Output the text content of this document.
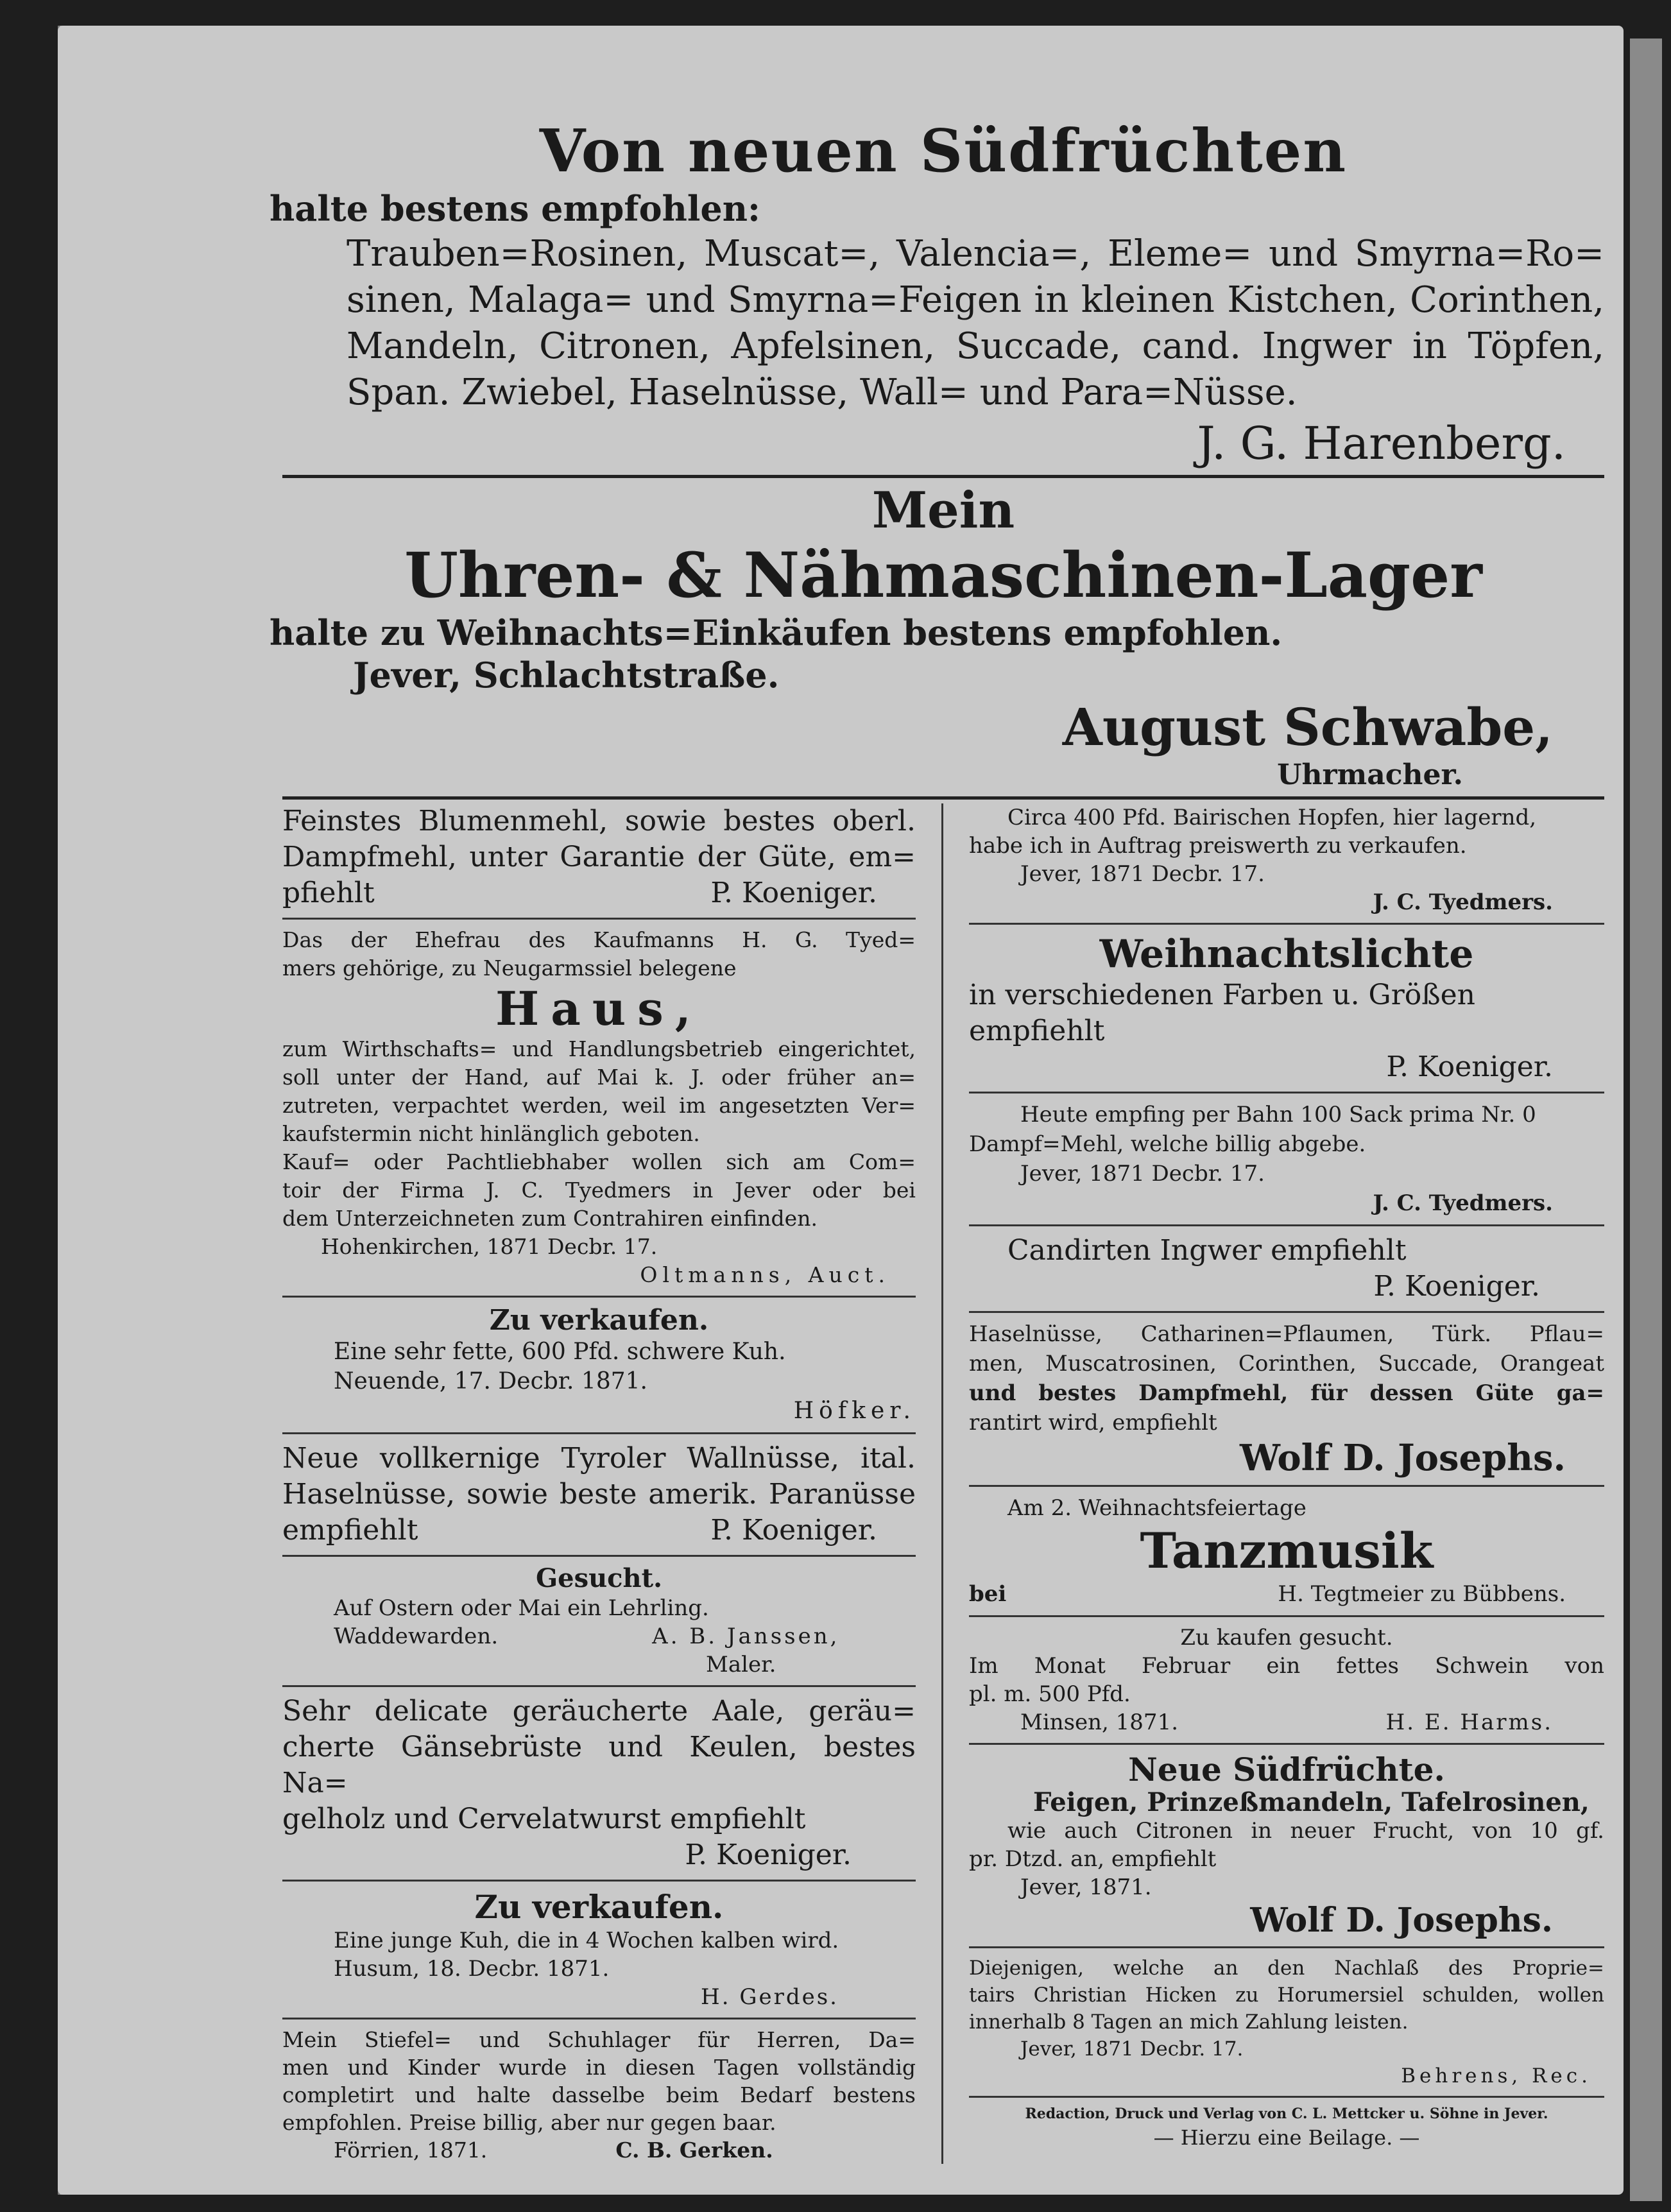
Von neuen Südfrüchten
halte bestens empfohlen:
Trauben=Rosinen, Muscat=, Valencia=, Eleme= und Smyrna=Ro=
sinen, Malaga= und Smyrna=Feigen in kleinen Kistchen, Corinthen,
Mandeln, Citronen, Apfelsinen, Succade, cand. Ingwer in Töpfen,
Span. Zwiebel, Haselnüsse, Wall= und Para=Nüsse.
J. G. Harenberg.
Mein
Uhren- & Nähmaschinen-Lager
halte zu Weihnachts=Einkäufen bestens empfohlen.
Jever, Schlachtstraße.
August Schwabe,
Uhrmacher.
Feinstes Blumenmehl, sowie bestes oberl.
Dampfmehl, unter Garantie der Güte, em=
pfiehlt	P. Koeniger.
Das der Ehefrau des Kaufmanns H. G. Tyed=
mers gehörige, zu Neugarmssiel belegene
Haus,
zum Wirthschafts= und Handlungsbetrieb eingerichtet,
soll unter der Hand, auf Mai k. J. oder früher an=
zutreten, verpachtet werden, weil im angesetzten Ver=
kaufstermin nicht hinlänglich geboten.
Kauf= oder Pachtliebhaber wollen sich am Com=
toir der Firma J. C. Tyedmers in Jever oder bei
dem Unterzeichneten zum Contrahiren einfinden.
Hohenkirchen, 1871 Decbr. 17.
Oltmanns, Auct.
Zu verkaufen.
Eine sehr fette, 600 Pfd. schwere Kuh.
Neuende, 17. Decbr. 1871.
Höfker.
Neue vollkernige Tyroler Wallnüsse, ital.
Haselnüsse, sowie beste amerik. Paranüsse
empfiehlt	P. Koeniger.
Gesucht.
Auf Ostern oder Mai ein Lehrling.
Waddewarden.	A. B. Janssen,
Maler.
Sehr delicate geräucherte Aale, geräu=
cherte Gänsebrüste und Keulen, bestes Na=
gelholz und Cervelatwurst empfiehlt
P. Koeniger.
Zu verkaufen.
Eine junge Kuh, die in 4 Wochen kalben wird.
Husum, 18. Decbr. 1871.
H. Gerdes.
Mein Stiefel= und Schuhlager für Herren, Da=
men und Kinder wurde in diesen Tagen vollständig
completirt und halte dasselbe beim Bedarf bestens
empfohlen. Preise billig, aber nur gegen baar.
Förrien, 1871.	C. B. Gerken.
Circa 400 Pfd. Bairischen Hopfen, hier lagernd,
habe ich in Auftrag preiswerth zu verkaufen.
Jever, 1871 Decbr. 17.
J. C. Tyedmers.
Weihnachtslichte
in verschiedenen Farben u. Größen empfiehlt
P. Koeniger.
Heute empfing per Bahn 100 Sack prima Nr. 0
Dampf=Mehl, welche billig abgebe.
Jever, 1871 Decbr. 17.
J. C. Tyedmers.
Candirten Ingwer empfiehlt
P. Koeniger.
Haselnüsse, Catharinen=Pflaumen, Türk. Pflau=
men, Muscatrosinen, Corinthen, Succade, Orangeat
und bestes Dampfmehl, für dessen Güte ga=
rantirt wird, empfiehlt
Wolf D. Josephs.
Am 2. Weihnachtsfeiertage
Tanzmusik
bei	H. Tegtmeier zu Bübbens.
Zu kaufen gesucht.
Im Monat Februar ein fettes Schwein von
pl. m. 500 Pfd.
Minsen, 1871.	H. E. Harms.
Neue Südfrüchte.
Feigen, Prinzeßmandeln, Tafelrosinen,
wie auch Citronen in neuer Frucht, von 10 gf.
pr. Dtzd. an, empfiehlt
Jever, 1871.
Wolf D. Josephs.
Diejenigen, welche an den Nachlaß des Proprie=
tairs Christian Hicken zu Horumersiel schulden, wollen
innerhalb 8 Tagen an mich Zahlung leisten.
Jever, 1871 Decbr. 17.
Behrens, Rec.
Redaction, Druck und Verlag von C. L. Mettcker u. Söhne in Jever.
— Hierzu eine Beilage. —
